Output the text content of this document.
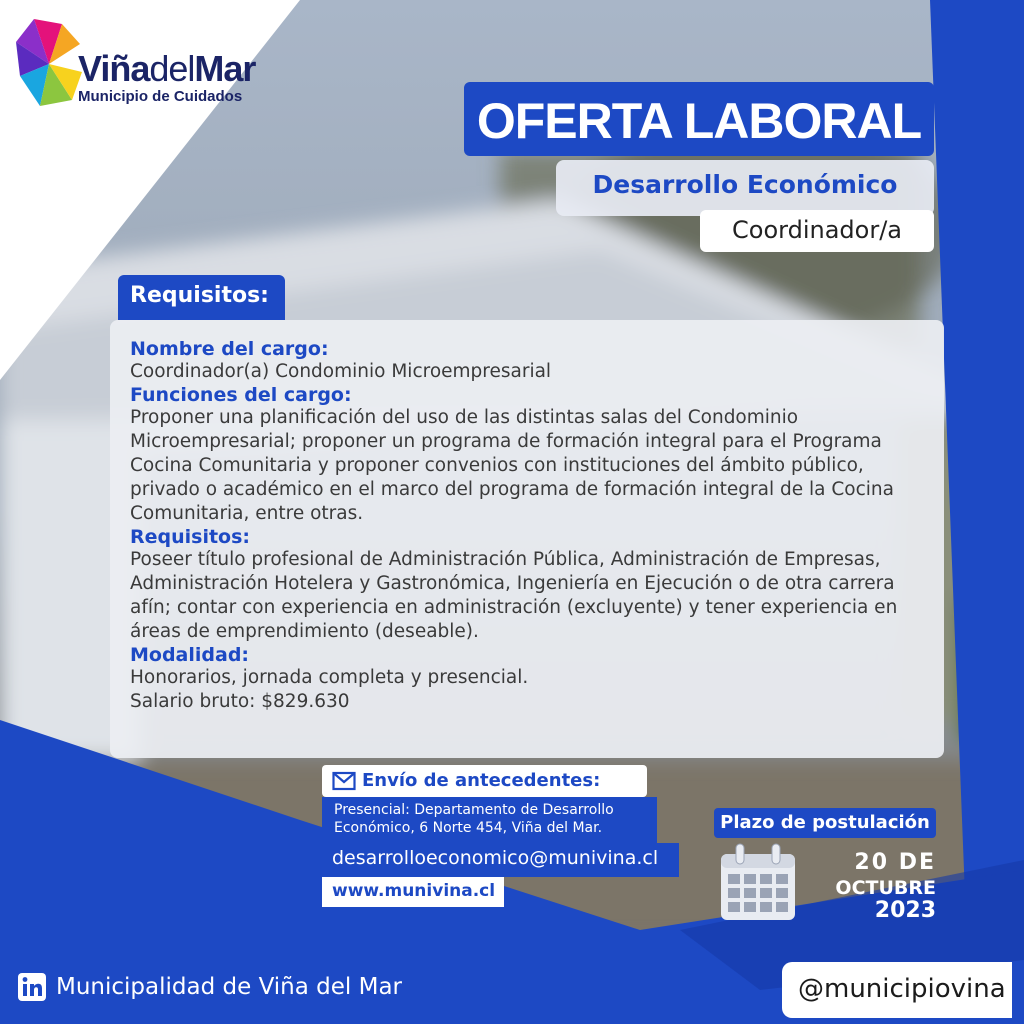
ViñadelMar
Municipio de Cuidados	OFERTA LABORAL
Desarrollo Económico
Coordinador/a
Requisitos:

Nombre del cargo:

Coordinador(a) Condominio Microempresarial

Funciones del cargo:

Proponer una planificación del uso de las distintas salas del Condominio Microempresarial; proponer un programa de formación integral para el Programa Cocina Comunitaria y proponer convenios con instituciones del ámbito público, privado o académico en el marco del programa de formación integral de la Cocina Comunitaria, entre otras.

Requisitos:

Poseer título profesional de Administración Pública, Administración de Empresas, Administración Hotelera y Gastronómica, Ingeniería en Ejecución o de otra carrera afín; contar con experiencia en administración (excluyente) y tener experiencia en áreas de emprendimiento (deseable).

Modalidad:

Honorarios, jornada completa y presencial.

Salario bruto: $829.630

Envío de antecedentes:
Presencial: Departamento de Desarrollo Económico, 6 Norte 454, Viña del Mar.
desarrolloeconomico@munivina.cl
www.munivina.cl
Plazo de postulación
20 DE
OCTUBRE
2023
Municipalidad de Viña del Mar	@municipiovina
